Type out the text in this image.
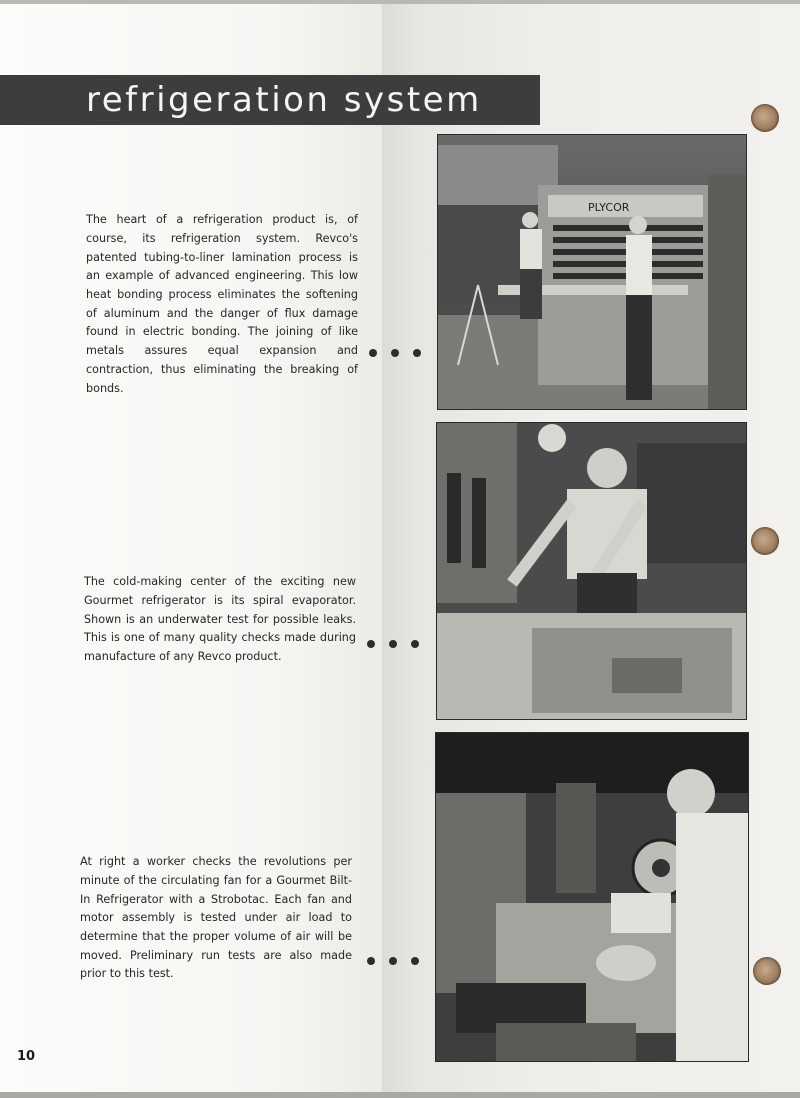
refrigeration system

The heart of a refrigeration product is, of course, its refrigeration system. Revco's patented tubing-to-liner lamination process is an example of advanced engineering. This low heat bonding process eliminates the softening of aluminum and the danger of flux damage found in electric bonding. The joining of like metals assures equal expansion and contraction, thus eliminating the breaking of bonds.

The cold-making center of the exciting new Gourmet refrigerator is its spiral evaporator. Shown is an underwater test for possible leaks. This is one of many quality checks made during manufacture of any Revco product.

At right a worker checks the revolutions per minute of the circulating fan for a Gourmet Bilt-In Refrigerator with a Strobotac. Each fan and motor assembly is tested under air load to determine that the proper volume of air will be moved. Preliminary run tests are also made prior to this test.

PLYCOR
10
